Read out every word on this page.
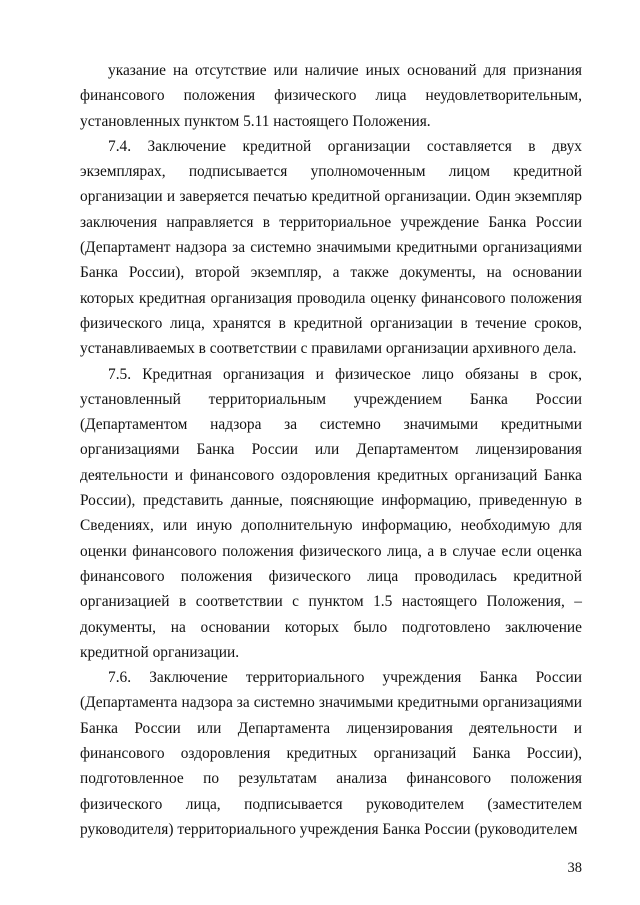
указание на отсутствие или наличие иных оснований для признания финансового положения физического лица неудовлетворительным, установленных пунктом 5.11 настоящего Положения.

7.4. Заключение кредитной организации составляется в двух экземплярах, подписывается уполномоченным лицом кредитной организации и заверяется печатью кредитной организации. Один экземпляр заключения направляется в территориальное учреждение Банка России (Департамент надзора за системно значимыми кредитными организациями Банка России), второй экземпляр, а также документы, на основании которых кредитная организация проводила оценку финансового положения физического лица, хранятся в кредитной организации в течение сроков, устанавливаемых в соответствии с правилами организации архивного дела.

7.5. Кредитная организация и физическое лицо обязаны в срок, установленный территориальным учреждением Банка России (Департаментом надзора за системно значимыми кредитными организациями Банка России или Департаментом лицензирования деятельности и финансового оздоровления кредитных организаций Банка России), представить данные, поясняющие информацию, приведенную в Сведениях, или иную дополнительную информацию, необходимую для оценки финансового положения физического лица, а в случае если оценка финансового положения физического лица проводилась кредитной организацией в соответствии с пунктом 1.5 настоящего Положения, – документы, на основании которых было подготовлено заключение кредитной организации.

7.6. Заключение территориального учреждения Банка России (Департамента надзора за системно значимыми кредитными организациями Банка России или Департамента лицензирования деятельности и финансового оздоровления кредитных организаций Банка России), подготовленное по результатам анализа финансового положения физического лица, подписывается руководителем (заместителем руководителя) территориального учреждения Банка России (руководителем

38
